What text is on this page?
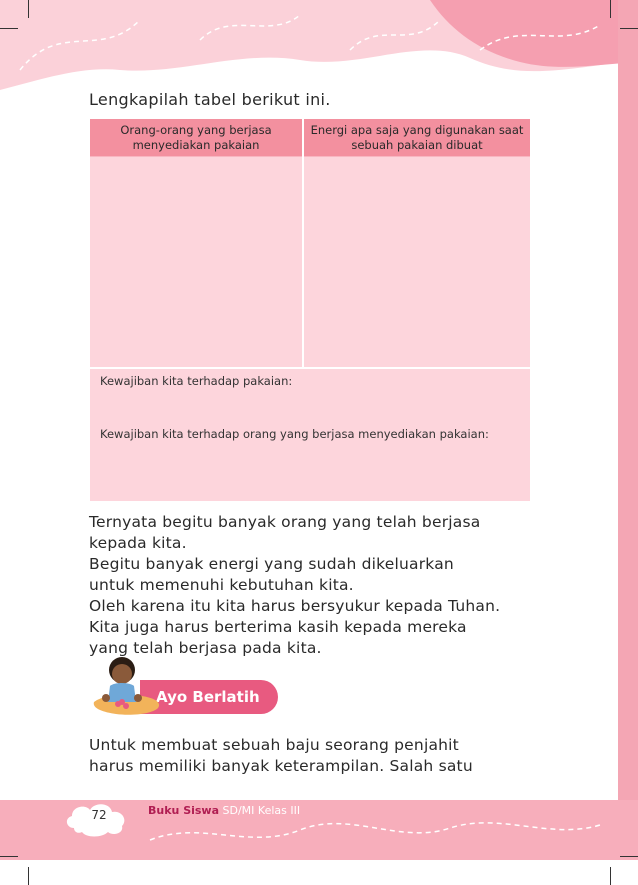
Lengkapilah tabel berikut ini.
Orang-orang yang berjasa menyediakan pakaian
Energi apa saja yang digunakan saat sebuah pakaian dibuat
Kewajiban kita terhadap pakaian:
Kewajiban kita terhadap orang yang berjasa menyediakan pakaian:
Ternyata begitu banyak orang yang telah berjasa
kepada kita.
Begitu banyak energi yang sudah dikeluarkan
untuk memenuhi kebutuhan kita.
Oleh karena itu kita harus bersyukur kepada Tuhan.
Kita juga harus berterima kasih kepada mereka
yang telah berjasa pada kita.
Ayo Berlatih
Untuk membuat sebuah baju seorang penjahit
harus memiliki banyak keterampilan. Salah satu
72	Buku Siswa SD/MI Kelas III
